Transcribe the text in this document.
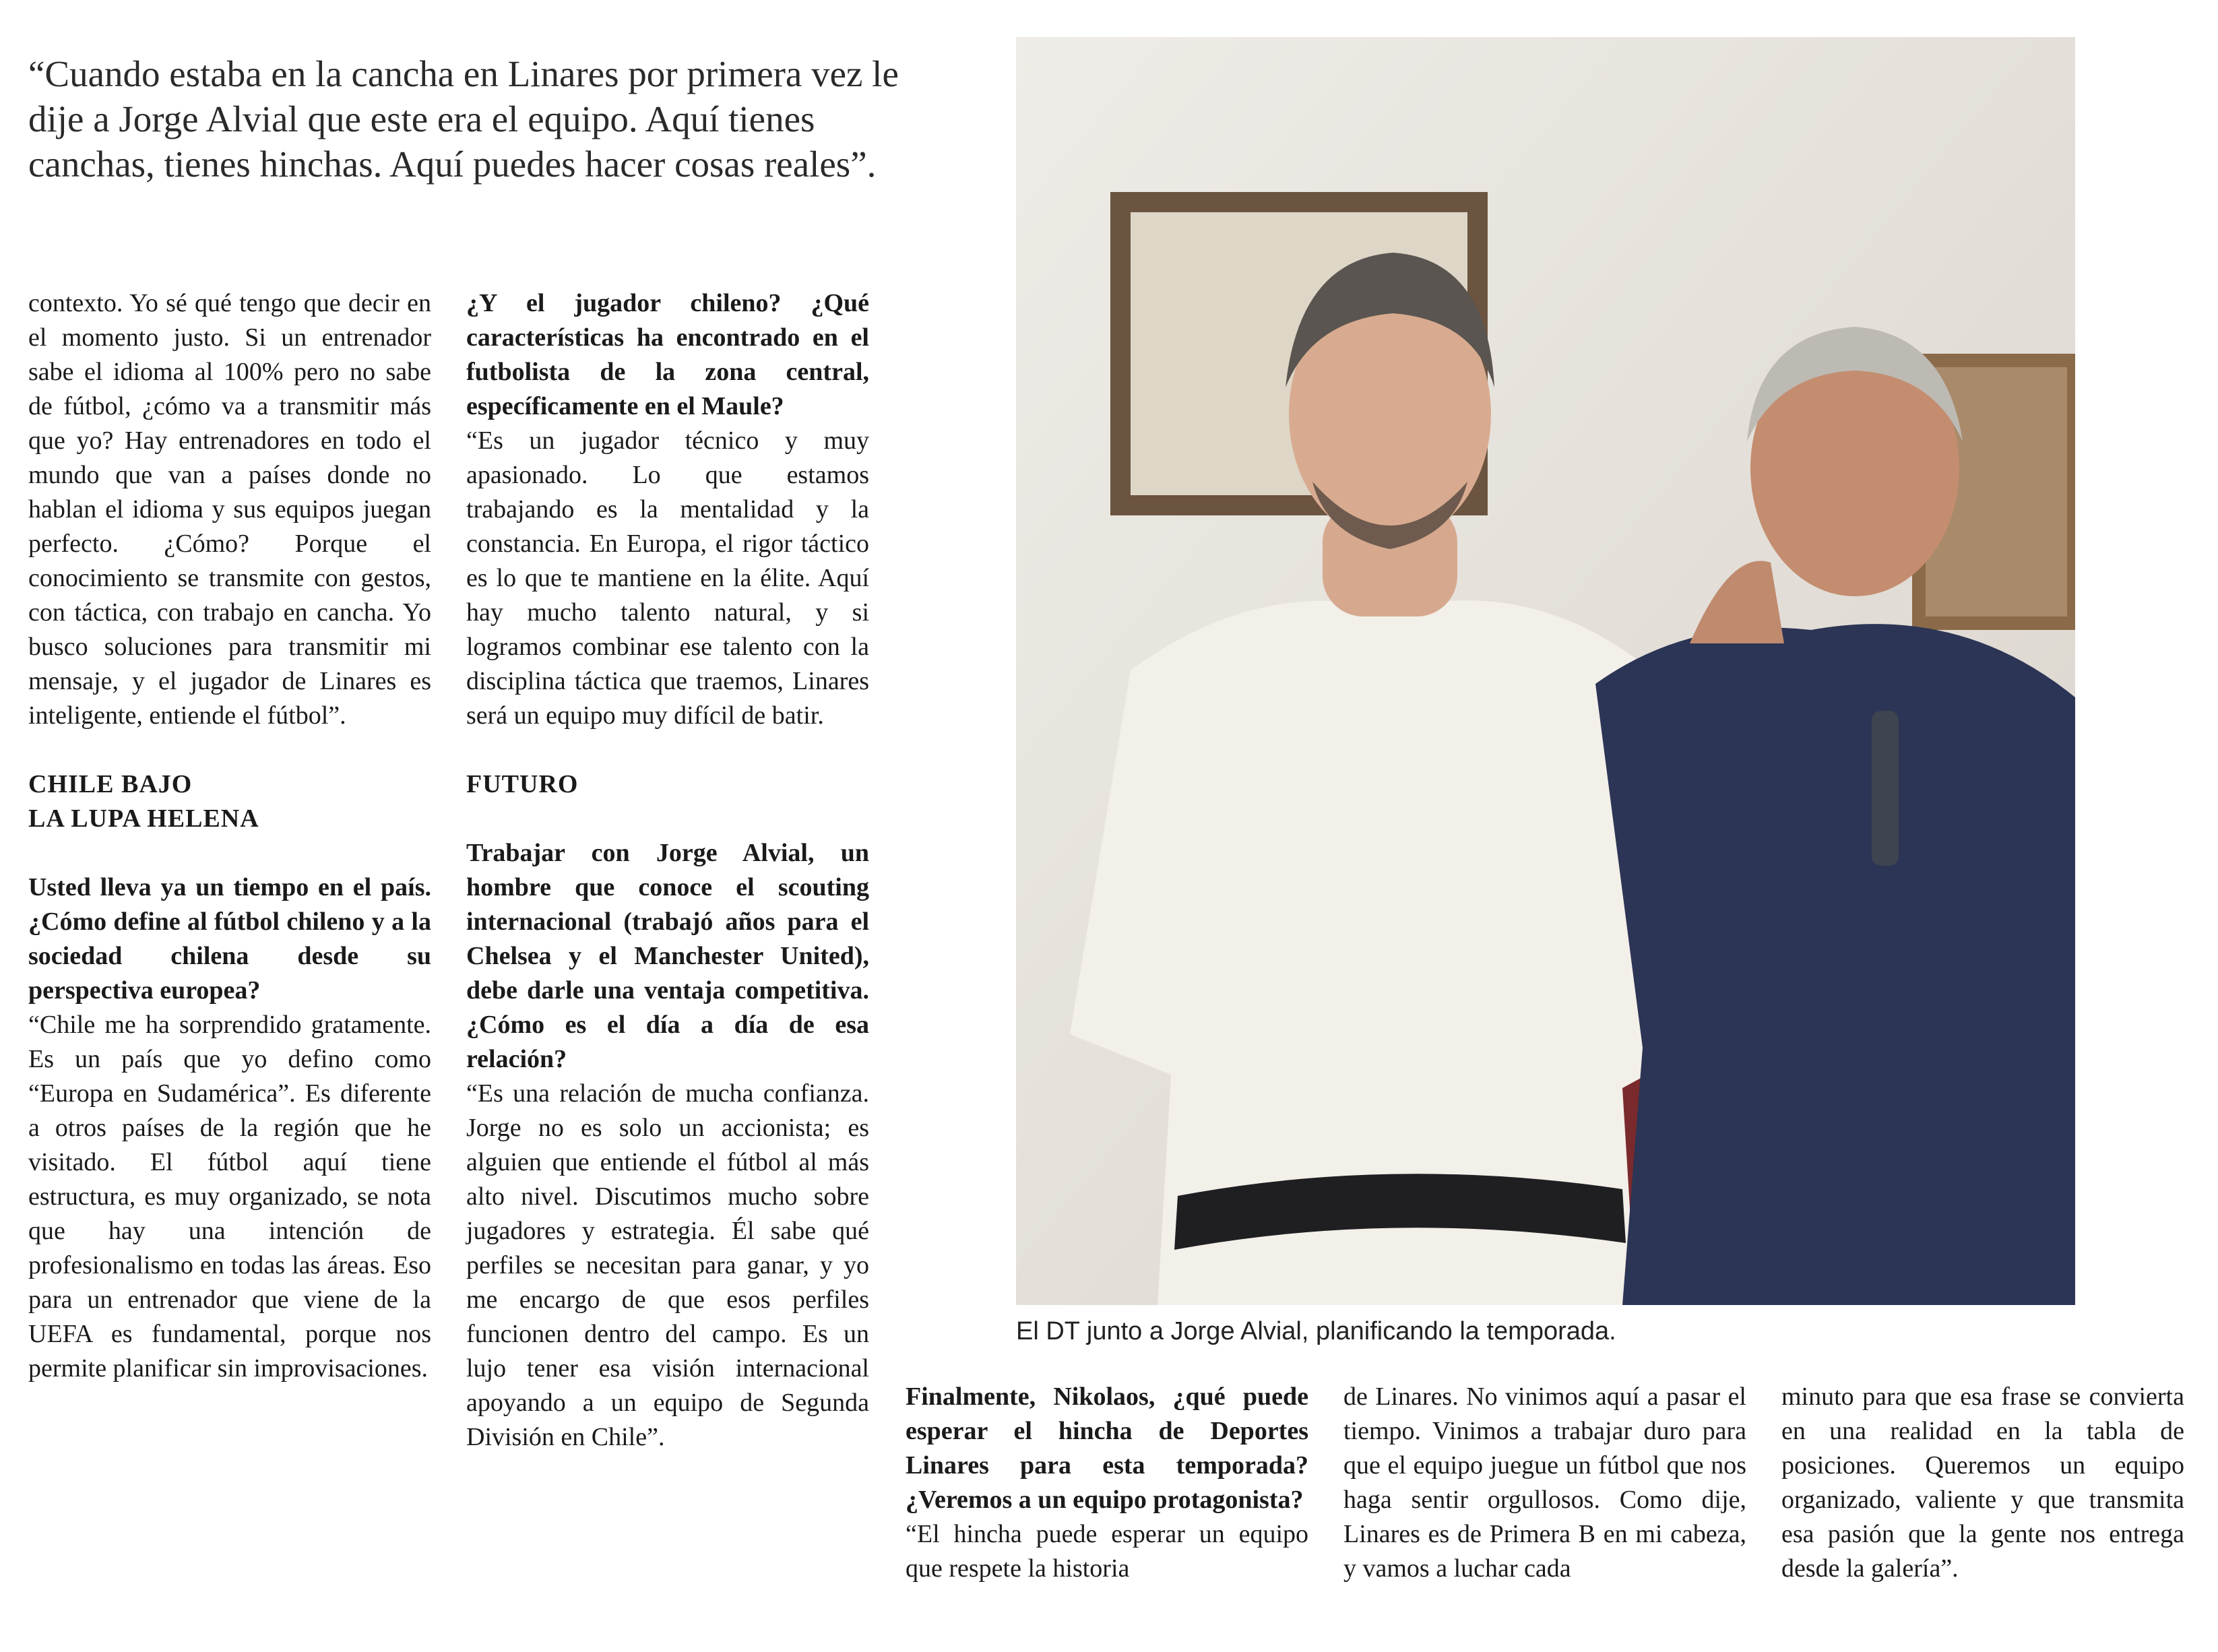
“Cuando estaba en la cancha en Linares por primera vez le dije a Jorge Alvial que este era el equipo. Aquí tienes canchas, tienes hinchas. Aquí puedes hacer cosas reales”.

contexto. Yo sé qué tengo que decir en el momento justo. Si un entrenador sabe el idioma al 100% pero no sabe de fútbol, ¿cómo va a transmitir más que yo? Hay entrenadores en todo el mundo que van a países donde no hablan el idioma y sus equipos juegan perfecto. ¿Cómo? Porque el conocimiento se transmite con gestos, con táctica, con trabajo en cancha. Yo busco soluciones para transmitir mi mensaje, y el jugador de Linares es inteligente, entiende el fútbol”.

CHILE BAJO

LA LUPA HELENA

Usted lleva ya un tiempo en el país. ¿Cómo define al fútbol chileno y a la sociedad chilena desde su perspectiva europea?

“Chile me ha sorprendido gratamente. Es un país que yo defino como “Europa en Sudamérica”. Es diferente a otros países de la región que he visitado. El fútbol aquí tiene estructura, es muy organizado, se nota que hay una intención de profesionalismo en todas las áreas. Eso para un entrenador que viene de la UEFA es fundamental, porque nos permite planificar sin improvisaciones.

¿Y el jugador chileno? ¿Qué características ha encontrado en el futbolista de la zona central, específicamente en el Maule?

“Es un jugador técnico y muy apasionado. Lo que estamos trabajando es la mentalidad y la constancia. En Europa, el rigor táctico es lo que te mantiene en la élite. Aquí hay mucho talento natural, y si logramos combinar ese talento con la disciplina táctica que traemos, Linares será un equipo muy difícil de batir.

FUTURO

Trabajar con Jorge Alvial, un hombre que conoce el scouting internacional (trabajó años para el Chelsea y el Manchester United), debe darle una ventaja competitiva. ¿Cómo es el día a día de esa relación?

“Es una relación de mucha confianza. Jorge no es solo un accionista; es alguien que entiende el fútbol al más alto nivel. Discutimos mucho sobre jugadores y estrategia. Él sabe qué perfiles se necesitan para ganar, y yo me encargo de que esos perfiles funcionen dentro del campo. Es un lujo tener esa visión internacional apoyando a un equipo de Segunda División en Chile”.

El DT junto a Jorge Alvial, planificando la temporada.

Finalmente, Nikolaos, ¿qué puede esperar el hincha de Deportes Linares para esta temporada? ¿Veremos a un equipo protagonista?

“El hincha puede esperar un equipo que respete la historia

de Linares. No vinimos aquí a pasar el tiempo. Vinimos a trabajar duro para que el equipo juegue un fútbol que nos haga sentir orgullosos. Como dije, Linares es de Primera B en mi cabeza, y vamos a luchar cada

minuto para que esa frase se convierta en una realidad en la tabla de posiciones. Queremos un equipo organizado, valiente y que transmita esa pasión que la gente nos entrega desde la galería”.
